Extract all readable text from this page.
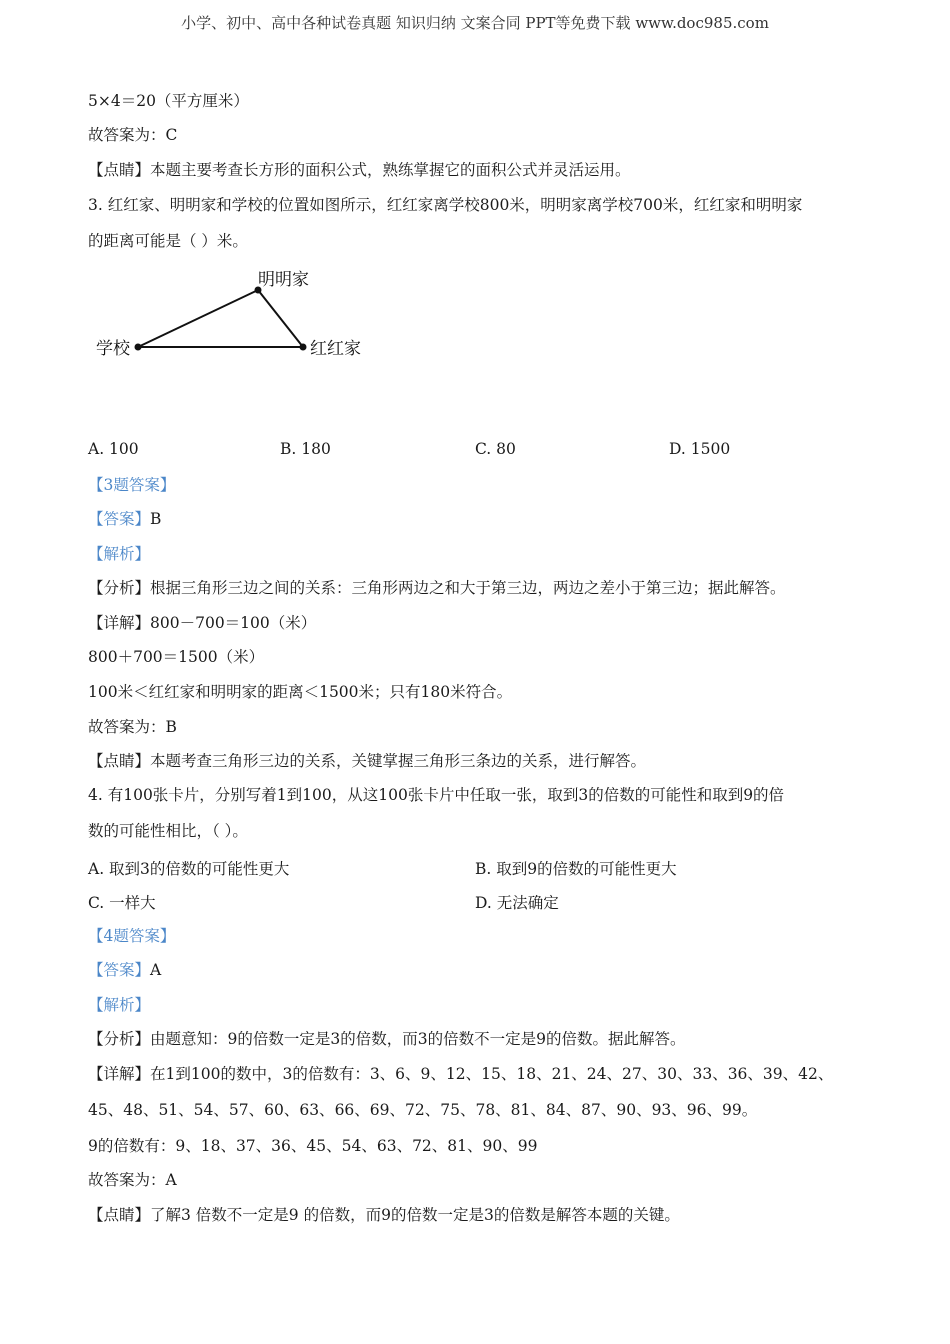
小学、初中、高中各种试卷真题 知识归纳 文案合同 PPT等免费下载 www.doc985.com
5×4＝20（平方厘米）
故答案为：C
【点睛】本题主要考查长方形的面积公式，熟练掌握它的面积公式并灵活运用。
3. 红红家、明明家和学校的位置如图所示，红红家离学校800米，明明家离学校700米，红红家和明明家
的距离可能是（ ）米。
学校
明明家
红红家
A. 100	B. 180	C. 80	D. 1500
【3题答案】
【答案】B
【解析】
【分析】根据三角形三边之间的关系：三角形两边之和大于第三边，两边之差小于第三边；据此解答。
【详解】800－700＝100（米）
800＋700＝1500（米）
100米＜红红家和明明家的距离＜1500米；只有180米符合。
故答案为：B
【点睛】本题考查三角形三边的关系，关键掌握三角形三条边的关系，进行解答。
4. 有100张卡片，分别写着1到100，从这100张卡片中任取一张，取到3的倍数的可能性和取到9的倍
数的可能性相比，（ ）。
A. 取到3的倍数的可能性更大	B. 取到9的倍数的可能性更大
C. 一样大	D. 无法确定
【4题答案】
【答案】A
【解析】
【分析】由题意知：9的倍数一定是3的倍数，而3的倍数不一定是9的倍数。据此解答。
【详解】在1到100的数中，3的倍数有：3、6、9、12、15、18、21、24、27、30、33、36、39、42、
45、48、51、54、57、60、63、66、69、72、75、78、81、84、87、90、93、96、99。
9的倍数有：9、18、37、36、45、54、63、72、81、90、99
故答案为：A
【点睛】了解3 倍数不一定是9 的倍数，而9的倍数一定是3的倍数是解答本题的关键。
